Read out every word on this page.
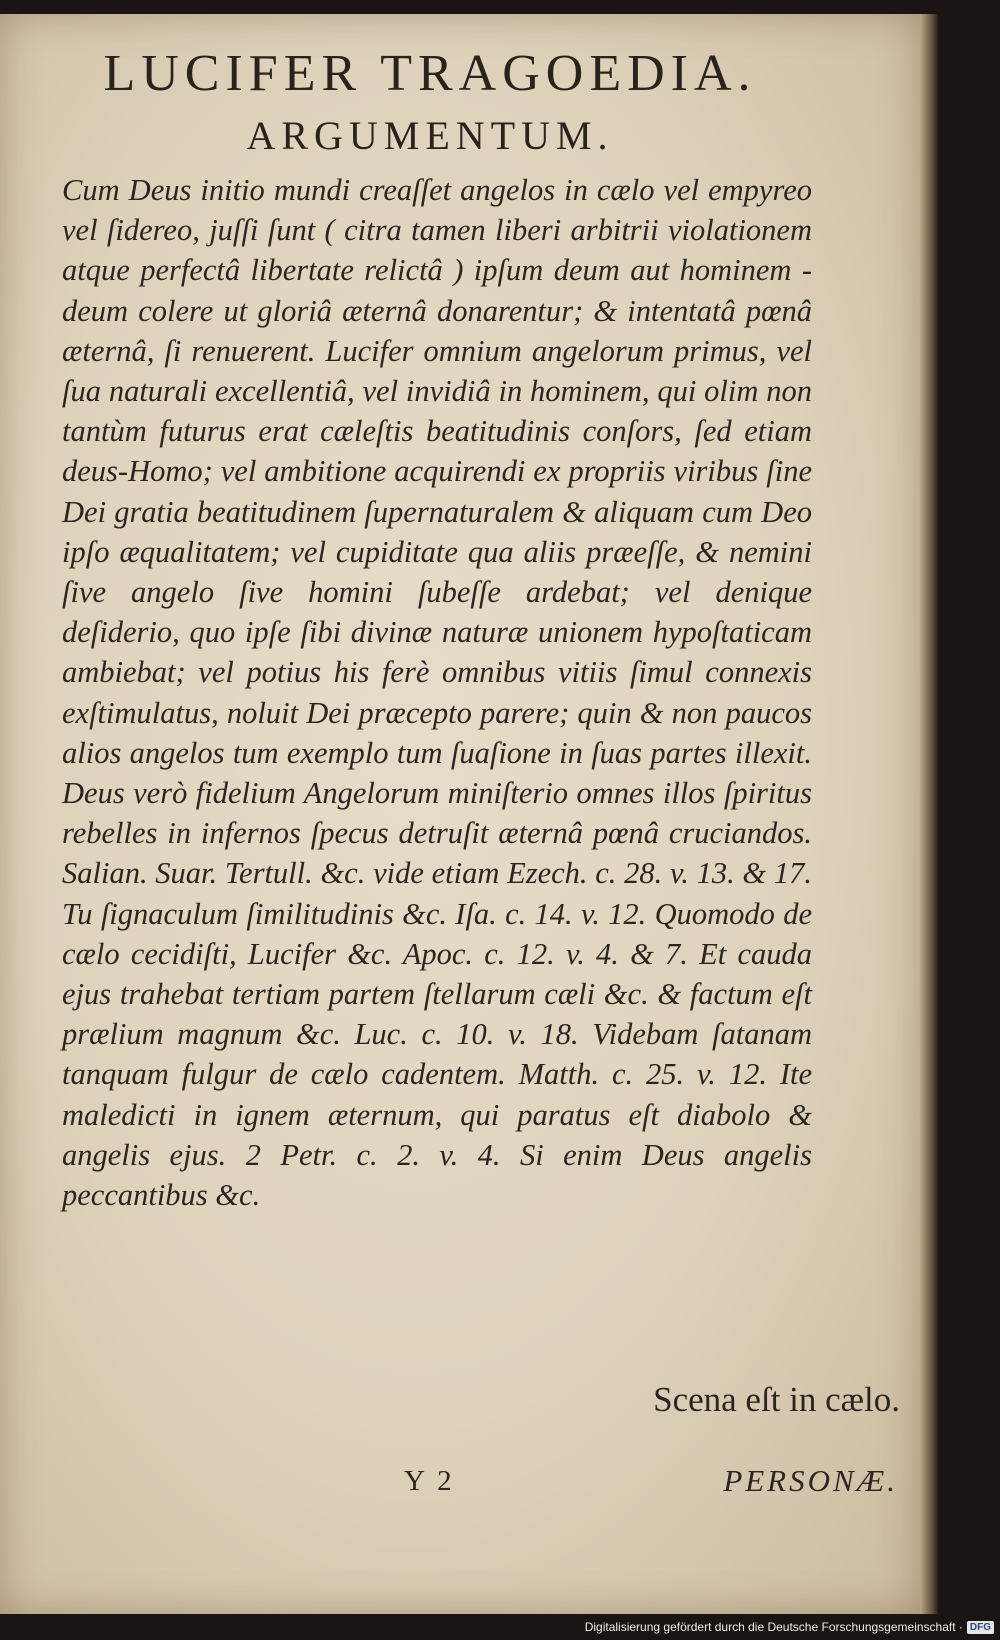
LUCIFER TRAGOEDIA.
ARGUMENTUM.
Cum Deus initio mundi creaſſet angelos in cælo vel empyreo vel ſidereo, juſſi ſunt ( citra tamen liberi arbitrii violationem atque perfectâ libertate relictâ ) ipſum deum aut hominem - deum colere ut gloriâ æternâ donarentur; & intentatâ pœnâ æternâ, ſi renuerent. Lucifer omnium angelorum primus, vel ſua naturali excellentiâ, vel invidiâ in hominem, qui olim non tantùm futurus erat cæleſtis beatitudinis conſors, ſed etiam deus-Homo; vel ambitione acquirendi ex propriis viribus ſine Dei gratia beatitudinem ſupernaturalem & aliquam cum Deo ipſo æqualitatem; vel cupiditate qua aliis præeſſe, & nemini ſive angelo ſive homini ſubeſſe ardebat; vel denique deſiderio, quo ipſe ſibi divinæ naturæ unionem hypoſtaticam ambiebat; vel potius his ferè omnibus vitiis ſimul connexis exſtimulatus, noluit Dei præcepto parere; quin & non paucos alios angelos tum exemplo tum ſuaſione in ſuas partes illexit. Deus verò fidelium Angelorum miniſterio omnes illos ſpiritus rebelles in infernos ſpecus detruſit æternâ pœnâ cruciandos. Salian. Suar. Tertull. &c. vide etiam Ezech. c. 28. v. 13. & 17. Tu ſignaculum ſimilitudinis &c. Iſa. c. 14. v. 12. Quomodo de cælo cecidiſti, Lucifer &c. Apoc. c. 12. v. 4. & 7. Et cauda ejus trahebat tertiam partem ſtellarum cæli &c. & factum eſt prælium magnum &c. Luc. c. 10. v. 18. Videbam ſatanam tanquam fulgur de cælo cadentem. Matth. c. 25. v. 12. Ite maledicti in ignem æternum, qui paratus eſt diabolo & angelis ejus. 2 Petr. c. 2. v. 4. Si enim Deus angelis peccantibus &c.
Scena eſt in cælo.
Y 2	PERSONÆ.
Digitalisierung gefördert durch die Deutsche Forschungsgemeinschaft · DFG
